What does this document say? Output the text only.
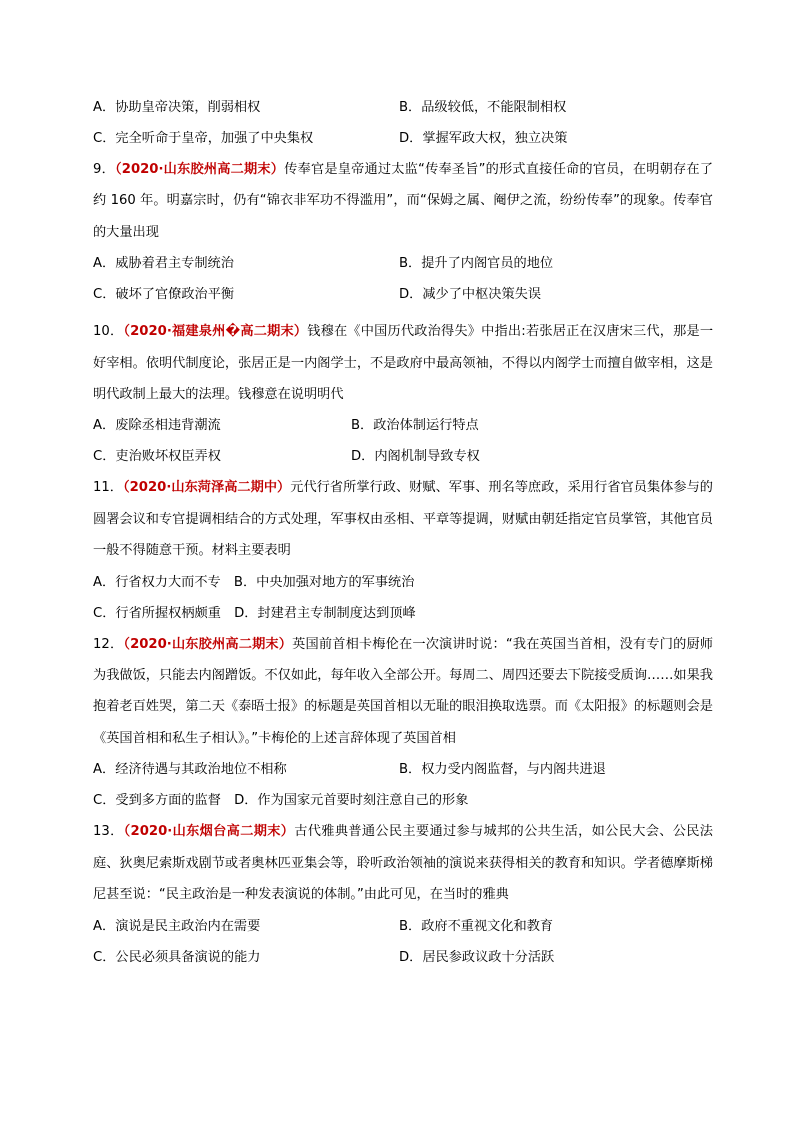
A．协助皇帝决策，削弱相权	B．品级较低，不能限制相权
C．完全听命于皇帝，加强了中央集权	D．掌握军政大权，独立决策
9．（2020·山东胶州高二期末）传奉官是皇帝通过太监“传奉圣旨”的形式直接任命的官员，在明朝存在了约 160 年。明嘉宗时，仍有“锦衣非军功不得滥用”，而“保姆之属、阉伊之流，纷纷传奉”的现象。传奉官的大量出现
A．威胁着君主专制统治	B．提升了内阁官员的地位
C．破坏了官僚政治平衡	D．减少了中枢决策失误
10．（2020·福建泉州�高二期末）钱穆在《中国历代政治得失》中指出:若张居正在汉唐宋三代，那是一好宰相。依明代制度论，张居正是一内阁学士，不是政府中最高领袖，不得以内阁学士而擅自做宰相，这是明代政制上最大的法理。钱穆意在说明明代
A．废除丞相违背潮流	B．政治体制运行特点
C．吏治败坏权臣弄权	D．内阁机制导致专权
11．（2020·山东菏泽高二期中）元代行省所掌行政、财赋、军事、刑名等庶政，采用行省官员集体参与的圆署会议和专官提调相结合的方式处理，军事权由丞相、平章等提调，财赋由朝廷指定官员掌管，其他官员一般不得随意干预。材料主要表明
A．行省权力大而不专　B．中央加强对地方的军事统治
C．行省所握权柄颇重　D．封建君主专制制度达到顶峰
12．（2020·山东胶州高二期末）英国前首相卡梅伦在一次演讲时说：“我在英国当首相，没有专门的厨师为我做饭，只能去内阁蹭饭。不仅如此，每年收入全部公开。每周二、周四还要去下院接受质询……如果我抱着老百姓哭，第二天《泰晤士报》的标题是英国首相以无耻的眼泪换取选票。而《太阳报》的标题则会是《英国首相和私生子相认》。”卡梅伦的上述言辞体现了英国首相
A．经济待遇与其政治地位不相称	B．权力受内阁监督，与内阁共进退
C．受到多方面的监督　D．作为国家元首要时刻注意自己的形象
13．（2020·山东烟台高二期末）古代雅典普通公民主要通过参与城邦的公共生活，如公民大会、公民法庭、狄奥尼索斯戏剧节或者奥林匹亚集会等，聆听政治领袖的演说来获得相关的教育和知识。学者德摩斯梯尼甚至说：“民主政治是一种发表演说的体制。”由此可见，在当时的雅典
A．演说是民主政治内在需要	B．政府不重视文化和教育
C．公民必须具备演说的能力	D．居民参政议政十分活跃
